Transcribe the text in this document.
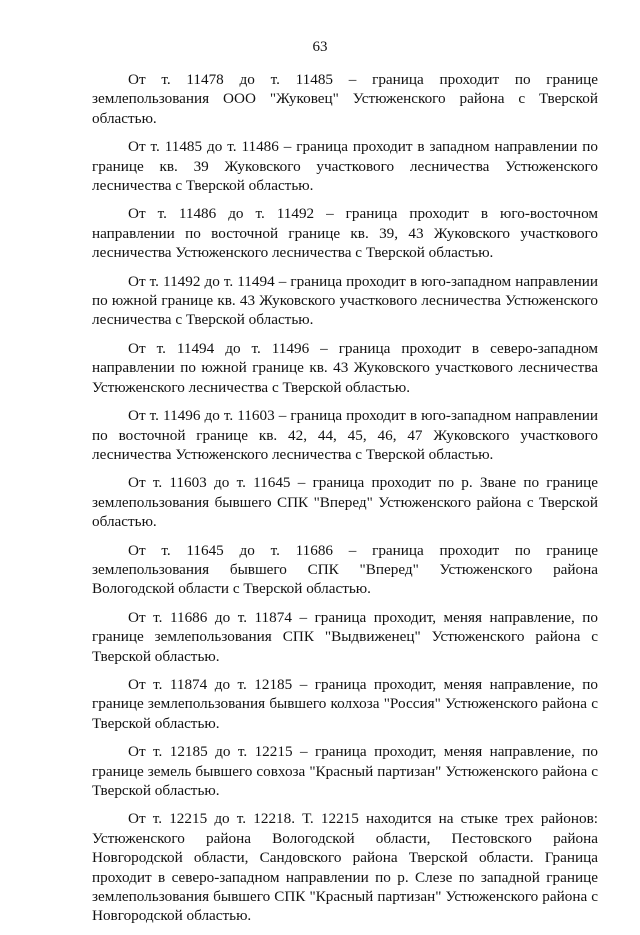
63

От т. 11478 до т. 11485 – граница проходит по границе землепользования ООО "Жуковец" Устюженского района с Тверской областью.

От т. 11485 до т. 11486 – граница проходит в западном направлении по границе кв. 39 Жуковского участкового лесничества Устюженского лесничества с Тверской областью.

От т. 11486 до т. 11492 – граница проходит в юго-восточном направлении по восточной границе кв. 39, 43 Жуковского участкового лесничества Устюженского лесничества с Тверской областью.

От т. 11492 до т. 11494 – граница проходит в юго-западном направлении по южной границе кв. 43 Жуковского участкового лесничества Устюженского лесничества с Тверской областью.

От т. 11494 до т. 11496 – граница проходит в северо-западном направлении по южной границе кв. 43 Жуковского участкового лесничества Устюженского лесничества с Тверской областью.

От т. 11496 до т. 11603 – граница проходит в юго-западном направлении по восточной границе кв. 42, 44, 45, 46, 47 Жуковского участкового лесничества Устюженского лесничества с Тверской областью.

От т. 11603 до т. 11645 – граница проходит по р. Зване по границе землепользования бывшего СПК "Вперед" Устюженского района с Тверской областью.

От т. 11645 до т. 11686 – граница проходит по границе землепользования бывшего СПК "Вперед" Устюженского района Вологодской области с Тверской областью.

От т. 11686 до т. 11874 – граница проходит, меняя направление, по границе землепользования СПК "Выдвиженец" Устюженского района с Тверской областью.

От т. 11874 до т. 12185 – граница проходит, меняя направление, по границе землепользования бывшего колхоза "Россия" Устюженского района с Тверской областью.

От т. 12185 до т. 12215 – граница проходит, меняя направление, по границе земель бывшего совхоза "Красный партизан" Устюженского района с Тверской областью.

От т. 12215 до т. 12218. Т. 12215 находится на стыке трех районов: Устюженского района Вологодской области, Пестовского района Новгородской области, Сандовского района Тверской области. Граница проходит в северо-западном направлении по р. Слезе по западной границе землепользования бывшего СПК "Красный партизан" Устюженского района с Новгородской областью.
